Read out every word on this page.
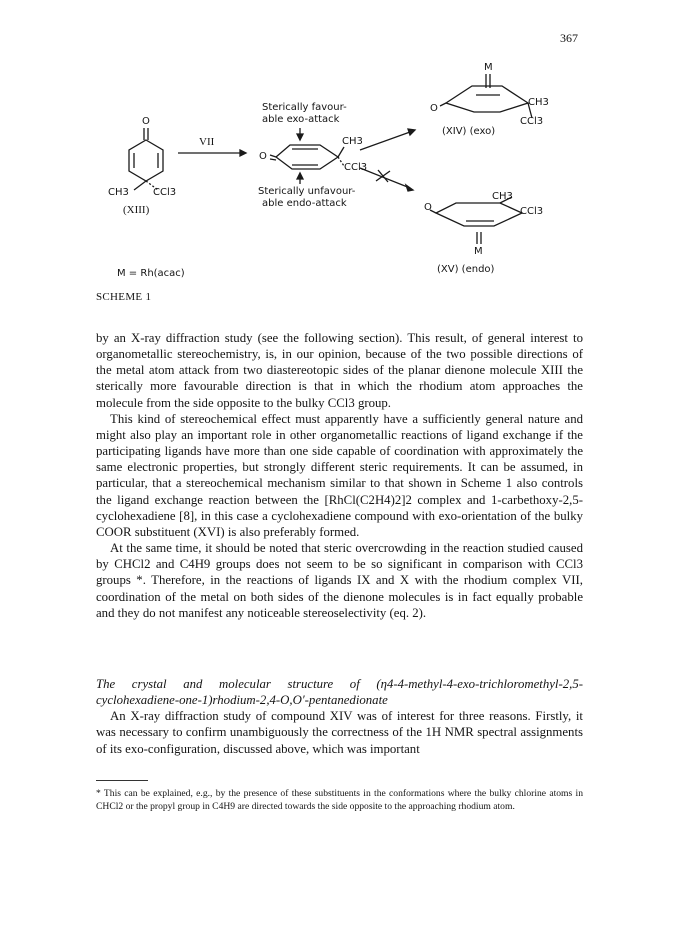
367
O
CH3 CCl3
(XIII)
VII
Sterically favour-
able exo-attack
O
CH3
CCl3
Sterically unfavour-
able endo-attack
M
O
CH3
CCl3
(XIV) (exo)
O
CH3
CCl3
M
(XV) (endo)
M = Rh(acac)
SCHEME 1

by an X-ray diffraction study (see the following section). This result, of general interest to organometallic stereochemistry, is, in our opinion, because of the two possible directions of the metal atom attack from two diastereotopic sides of the planar dienone molecule XIII the sterically more favourable direction is that in which the rhodium atom approaches the molecule from the side opposite to the bulky CCl3 group.

This kind of stereochemical effect must apparently have a sufficiently general nature and might also play an important role in other organometallic reactions of ligand exchange if the participating ligands have more than one side capable of coordination with approximately the same electronic properties, but strongly different steric requirements. It can be assumed, in particular, that a stereochemical mechanism similar to that shown in Scheme 1 also controls the ligand exchange reaction between the [RhCl(C2H4)2]2 complex and 1-carbethoxy-2,5-cyclohexadiene [8], in this case a cyclohexadiene compound with exo-orientation of the bulky COOR substituent (XVI) is also preferably formed.

At the same time, it should be noted that steric overcrowding in the reaction studied caused by CHCl2 and C4H9 groups does not seem to be so significant in comparison with CCl3 groups *. Therefore, in the reactions of ligands IX and X with the rhodium complex VII, coordination of the metal on both sides of the dienone molecules is in fact equally probable and they do not manifest any noticeable stereoselectivity (eq. 2).

The crystal and molecular structure of (η4-4-methyl-4-exo-trichloromethyl-2,5-cyclohexadiene-one-1)rhodium-2,4-O,O′-pentanedionate

An X-ray diffraction study of compound XIV was of interest for three reasons. Firstly, it was necessary to confirm unambiguously the correctness of the 1H NMR spectral assignments of its exo-configuration, discussed above, which was important

* This can be explained, e.g., by the presence of these substituents in the conformations where the bulky chlorine atoms in CHCl2 or the propyl group in C4H9 are directed towards the side opposite to the approaching rhodium atom.
